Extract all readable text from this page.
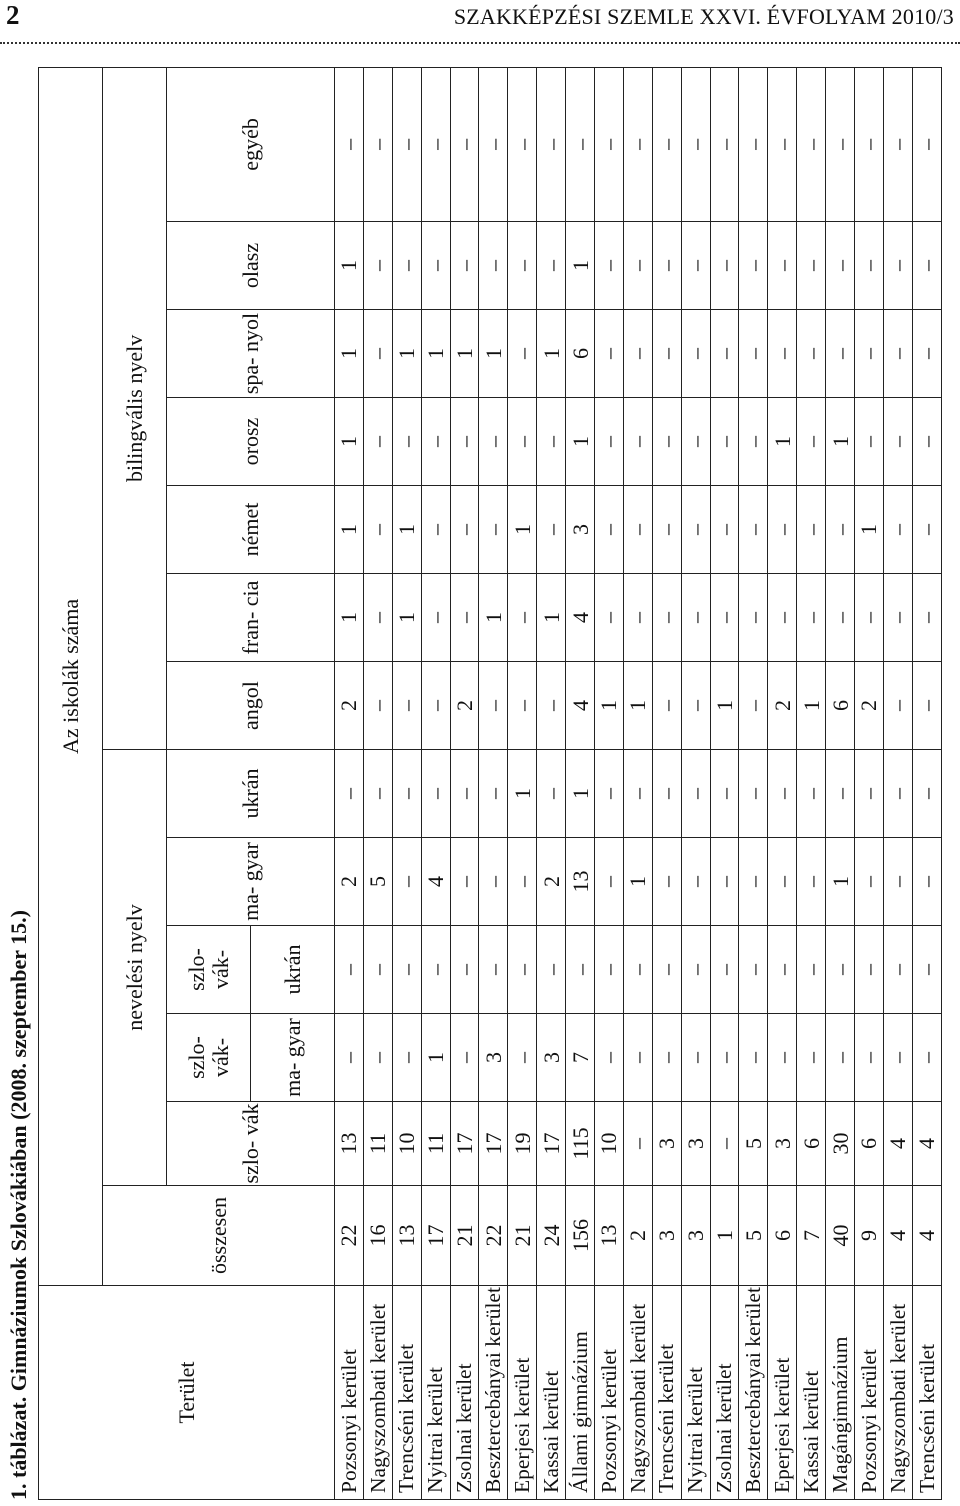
2	SZAKKÉPZÉSI SZEMLE XXVI. ÉVFOLYAM 2010/3
1. táblázat. Gimnáziumok Szlovákiában (2008. szeptember 15.)	Terület	Az iskolák száma												
	összesen	nevelési nyelv					bilingvális nyelv						
		szlo- vák	szlo- vák-	szlo- vák-	ma- gyar	ukrán	angol	fran- cia	német	orosz	spa- nyol	olasz	egyéb
			ma- gyar	ukrán									
Pozsonyi kerület	22	13	–	–	2	–	2	1	1	1	1	1	–
Nagyszombati kerület	16	11	–	–	5	–	–	–	–	–	–	–	–
Trencséni kerület	13	10	–	–	–	–	–	1	1	–	1	–	–
Nyitrai kerület	17	11	1	–	4	–	–	–	–	–	1	–	–
Zsolnai kerület	21	17	–	–	–	–	2	–	–	–	1	–	–
Besztercebányai kerület	22	17	3	–	–	–	–	1	–	–	1	–	–
Eperjesi kerület	21	19	–	–	–	1	–	–	1	–	–	–	–
Kassai kerület	24	17	3	–	2	–	–	1	–	–	1	–	–
Állami gimnázium	156	115	7	–	13	1	4	4	3	1	6	1	–
Pozsonyi kerület	13	10	–	–	–	–	1	–	–	–	–	–	–
Nagyszombati kerület	2	–	–	–	1	–	1	–	–	–	–	–	–
Trencséni kerület	3	3	–	–	–	–	–	–	–	–	–	–	–
Nyitrai kerület	3	3	–	–	–	–	–	–	–	–	–	–	–
Zsolnai kerület	1	–	–	–	–	–	1	–	–	–	–	–	–
Besztercebányai kerület	5	5	–	–	–	–	–	–	–	–	–	–	–
Eperjesi kerület	6	3	–	–	–	–	2	–	–	1	–	–	–
Kassai kerület	7	6	–	–	–	–	1	–	–	–	–	–	–
Magángimnázium	40	30	–	–	1	–	6	–	–	1	–	–	–
Pozsonyi kerület	9	6	–	–	–	–	2	–	1	–	–	–	–
Nagyszombati kerület	4	4	–	–	–	–	–	–	–	–	–	–	–
Trencséni kerület	4	4	–	–	–	–	–	–	–	–	–	–	–
